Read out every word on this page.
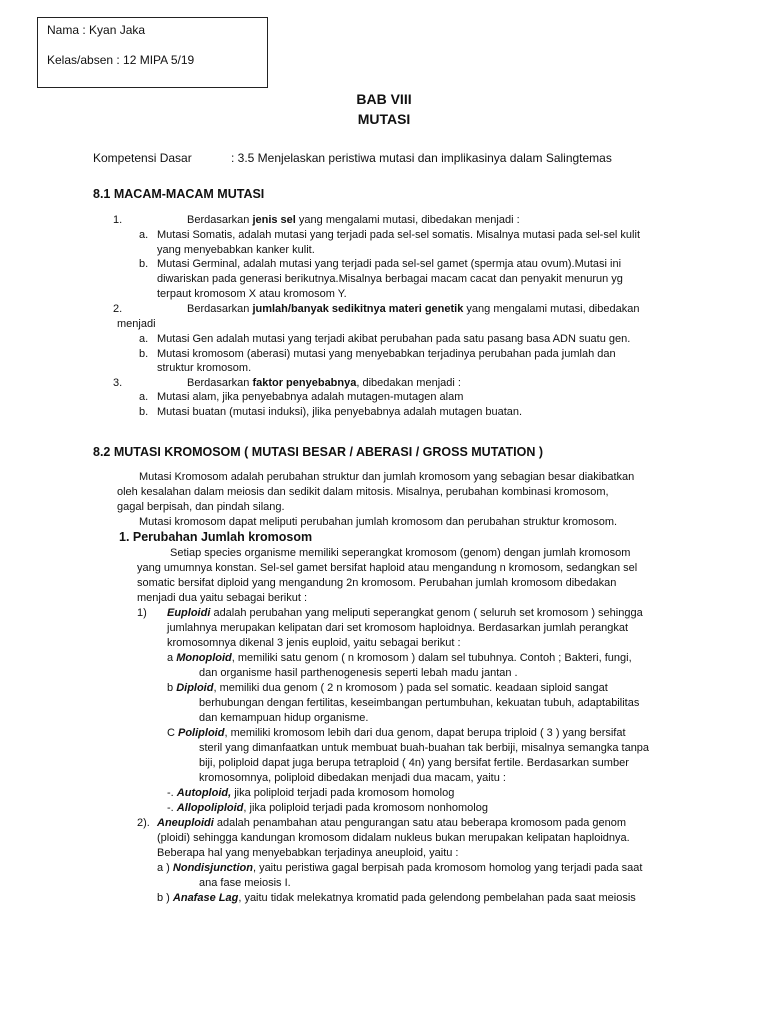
Nama : Kyan Jaka
Kelas/absen : 12 MIPA 5/19
BAB VIII
MUTASI
Kompetensi Dasar	: 3.5 Menjelaskan peristiwa mutasi dan implikasinya dalam Salingtemas
8.1 MACAM-MACAM MUTASI
1.	Berdasarkan jenis sel yang mengalami mutasi, dibedakan menjadi :
a. Mutasi Somatis, adalah mutasi yang terjadi pada sel-sel somatis. Misalnya mutasi pada sel-sel kulit
yang menyebabkan kanker kulit.
b. Mutasi Germinal, adalah mutasi yang terjadi pada sel-sel gamet (spermja atau ovum).Mutasi ini
diwariskan pada generasi berikutnya.Misalnya berbagai macam cacat dan penyakit menurun yg
terpaut kromosom X atau kromosom Y.
2.	Berdasarkan jumlah/banyak sedikitnya materi genetik yang mengalami mutasi, dibedakan
menjadi
a. Mutasi Gen adalah mutasi yang terjadi akibat perubahan pada satu pasang basa ADN suatu gen.
b. Mutasi kromosom (aberasi) mutasi yang menyebabkan terjadinya perubahan pada jumlah dan
struktur kromosom.
3.	Berdasarkan faktor penyebabnya, dibedakan menjadi :
a. Mutasi alam, jika penyebabnya adalah mutagen-mutagen alam
b. Mutasi buatan (mutasi induksi), jlika penyebabnya adalah mutagen buatan.
8.2 MUTASI KROMOSOM ( MUTASI BESAR / ABERASI / GROSS MUTATION )
Mutasi Kromosom adalah perubahan struktur dan jumlah kromosom yang sebagian besar diakibatkan
oleh kesalahan dalam meiosis dan sedikit dalam mitosis. Misalnya, perubahan kombinasi kromosom,
gagal berpisah, dan pindah silang.
Mutasi kromosom dapat meliputi perubahan jumlah kromosom dan perubahan struktur kromosom.
1. Perubahan Jumlah kromosom
Setiap species organisme memiliki seperangkat kromosom (genom) dengan jumlah kromosom
yang umumnya konstan. Sel-sel gamet bersifat haploid atau mengandung n kromosom, sedangkan sel
somatic bersifat diploid yang mengandung 2n kromosom. Perubahan jumlah kromosom dibedakan
menjadi dua yaitu sebagai berikut :
1) Euploidi adalah perubahan yang meliputi seperangkat genom ( seluruh set kromosom ) sehingga
jumlahnya merupakan kelipatan dari set kromosom haploidnya. Berdasarkan jumlah perangkat
kromosomnya dikenal 3 jenis euploid, yaitu sebagai berikut :
a Monoploid, memiliki satu genom ( n kromosom ) dalam sel tubuhnya. Contoh ; Bakteri, fungi,
dan organisme hasil parthenogenesis seperti lebah madu jantan .
b Diploid, memiliki dua genom ( 2 n kromosom ) pada sel somatic. keadaan siploid sangat
berhubungan dengan fertilitas, keseimbangan pertumbuhan, kekuatan tubuh, adaptabilitas
dan kemampuan hidup organisme.
C Poliploid, memiliki kromosom lebih dari dua genom, dapat berupa triploid ( 3 ) yang bersifat
steril yang dimanfaatkan untuk membuat buah-buahan tak berbiji, misalnya semangka tanpa
biji, poliploid dapat juga berupa tetraploid ( 4n) yang bersifat fertile. Berdasarkan sumber
kromosomnya, poliploid dibedakan menjadi dua macam, yaitu :
-. Autoploid, jika poliploid terjadi pada kromosom homolog
-. Allopoliploid, jika poliploid terjadi pada kromosom nonhomolog
2). Aneuploidi adalah penambahan atau pengurangan satu atau beberapa kromosom pada genom
(ploidi) sehingga kandungan kromosom didalam nukleus bukan merupakan kelipatan haploidnya.
Beberapa hal yang menyebabkan terjadinya aneuploid, yaitu :
a ) Nondisjunction, yaitu peristiwa gagal berpisah pada kromosom homolog yang terjadi pada saat
ana fase meiosis I.
b ) Anafase Lag, yaitu tidak melekatnya kromatid pada gelendong pembelahan pada saat meiosis
